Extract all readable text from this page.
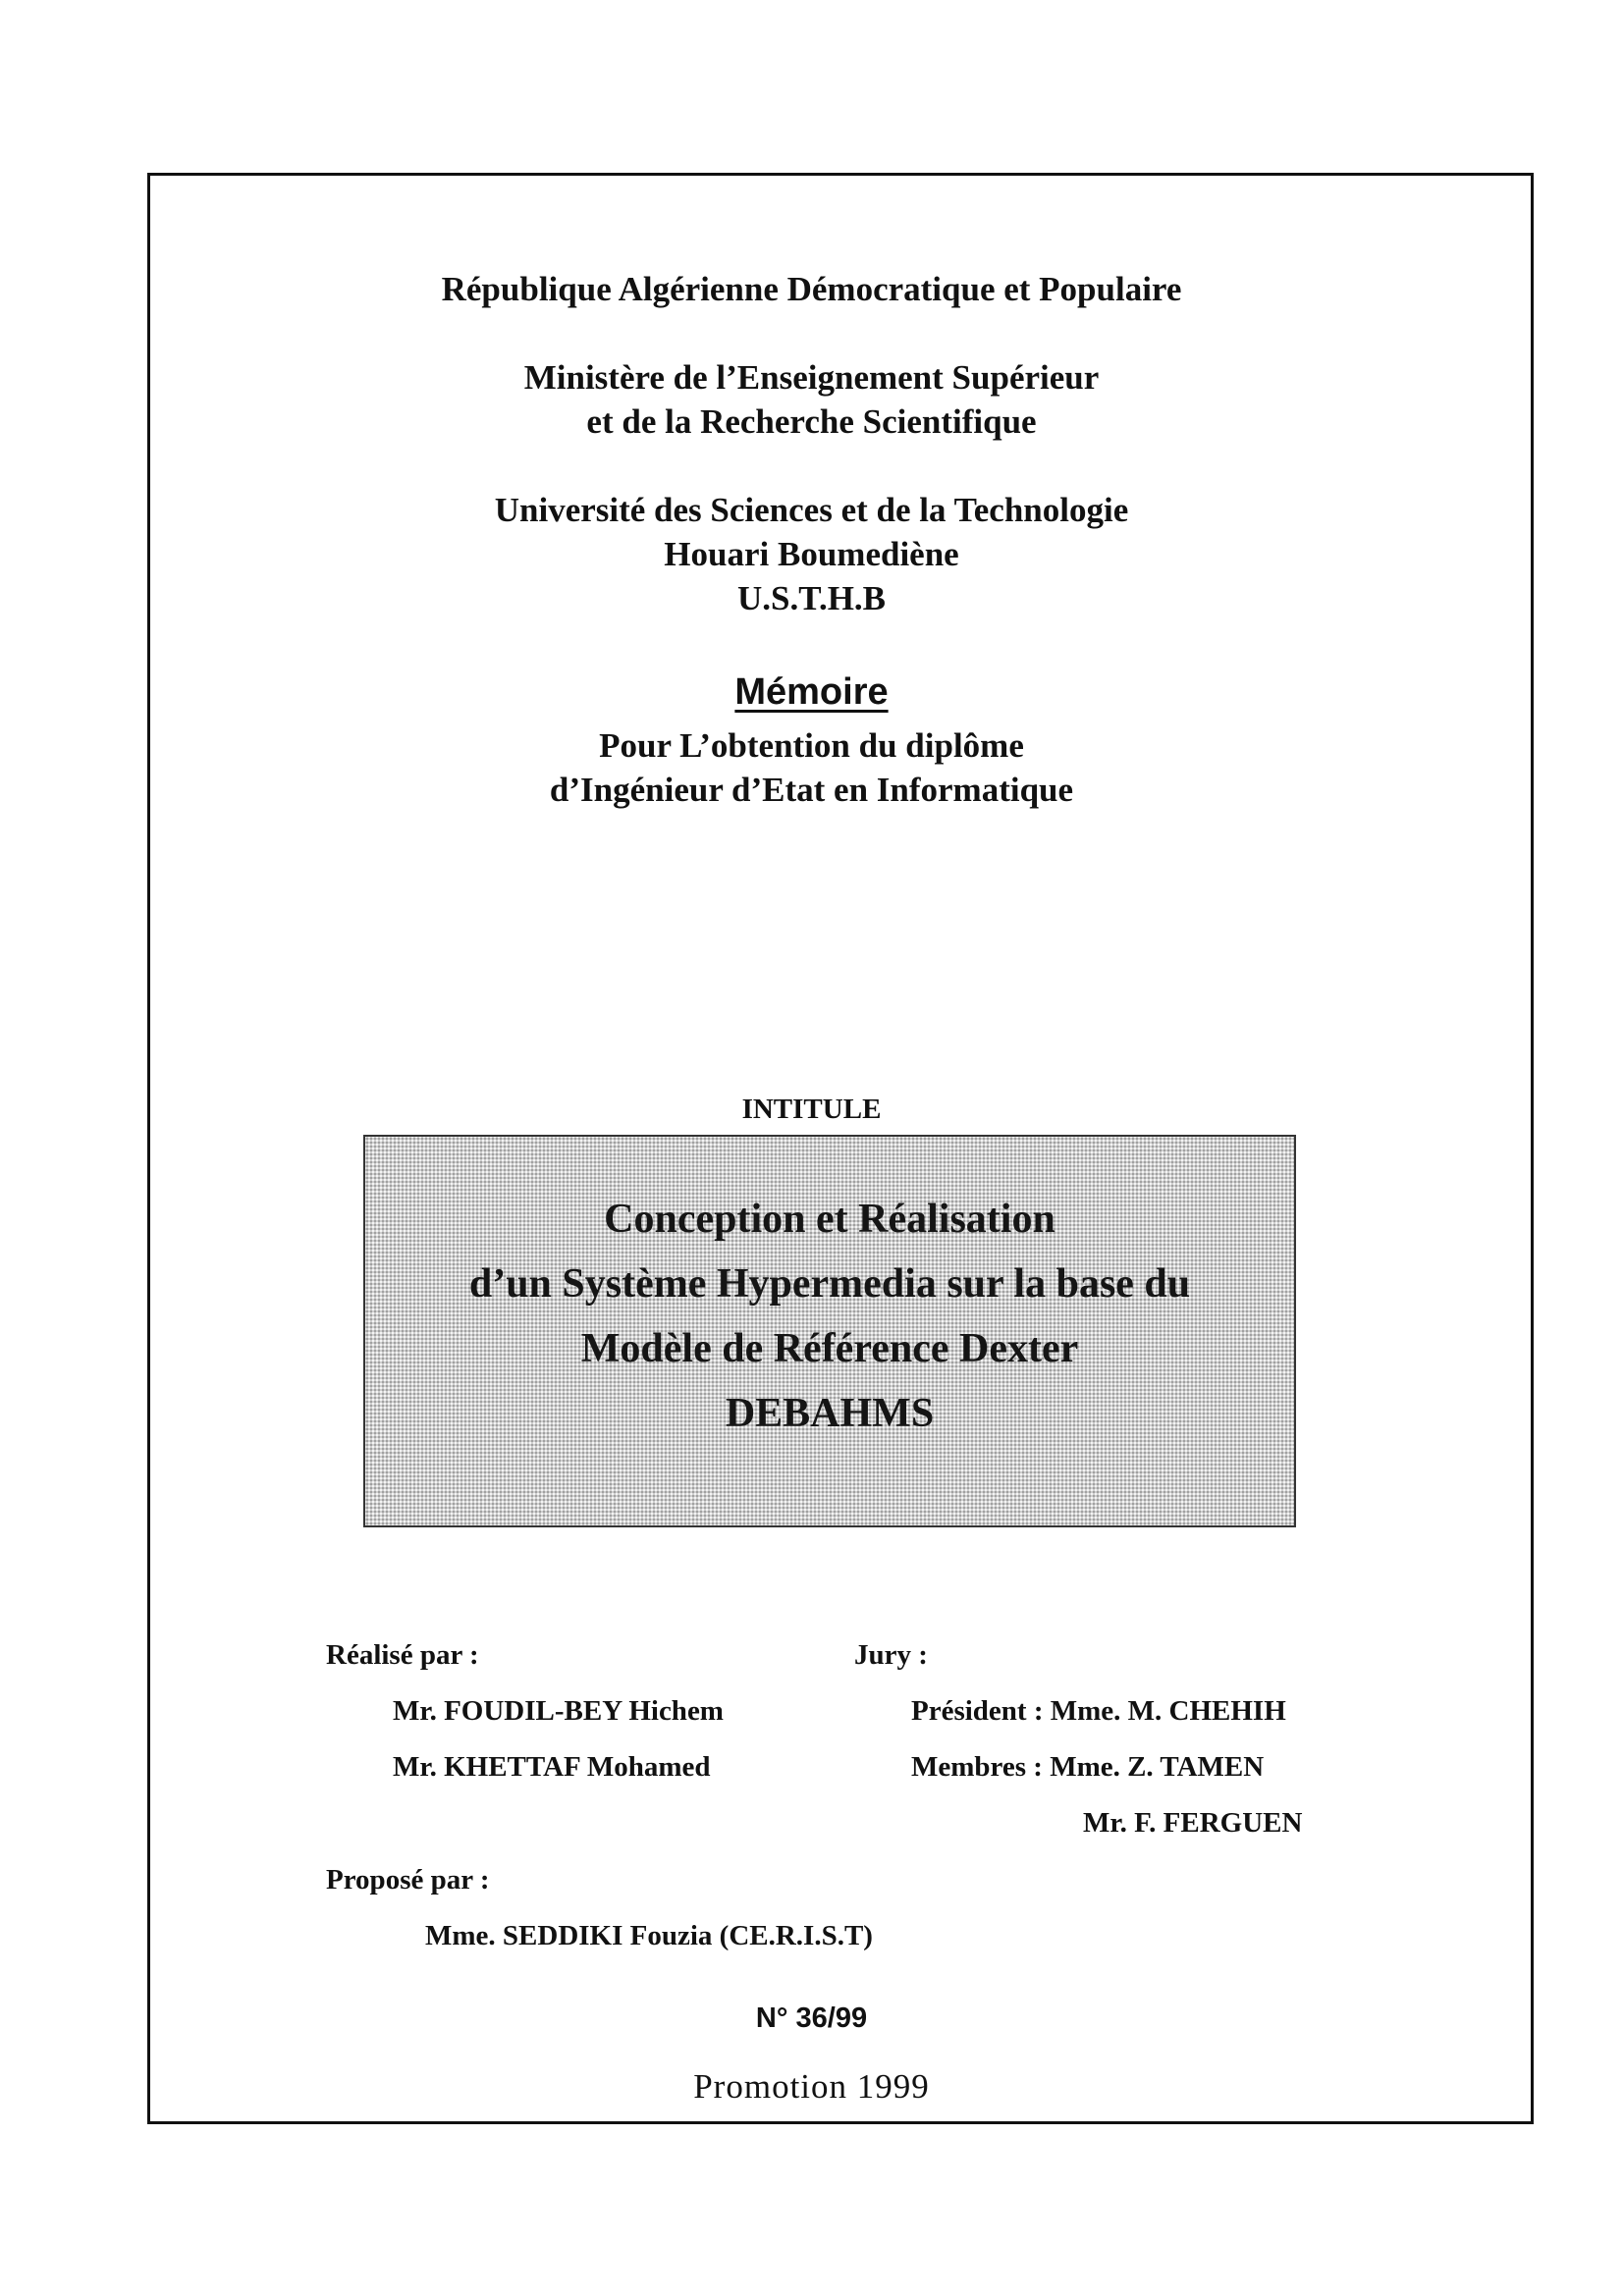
République Algérienne Démocratique et Populaire
Ministère de l’Enseignement Supérieur
et de la Recherche Scientifique
Université des Sciences et de la Technologie
Houari Boumediène
U.S.T.H.B
Mémoire
Pour L’obtention du diplôme
d’Ingénieur d’Etat en Informatique
INTITULE
Conception et Réalisation
d’un Système Hypermedia sur la base du
Modèle de Référence Dexter
DEBAHMS
Réalisé par :
Mr. FOUDIL-BEY Hichem
Mr. KHETTAF Mohamed
Jury :
Président : Mme. M. CHEHIH
Membres : Mme. Z. TAMEN
Mr. F. FERGUEN
Proposé par :
Mme. SEDDIKI Fouzia (CE.R.I.S.T)
N° 36/99
Promotion 1999
